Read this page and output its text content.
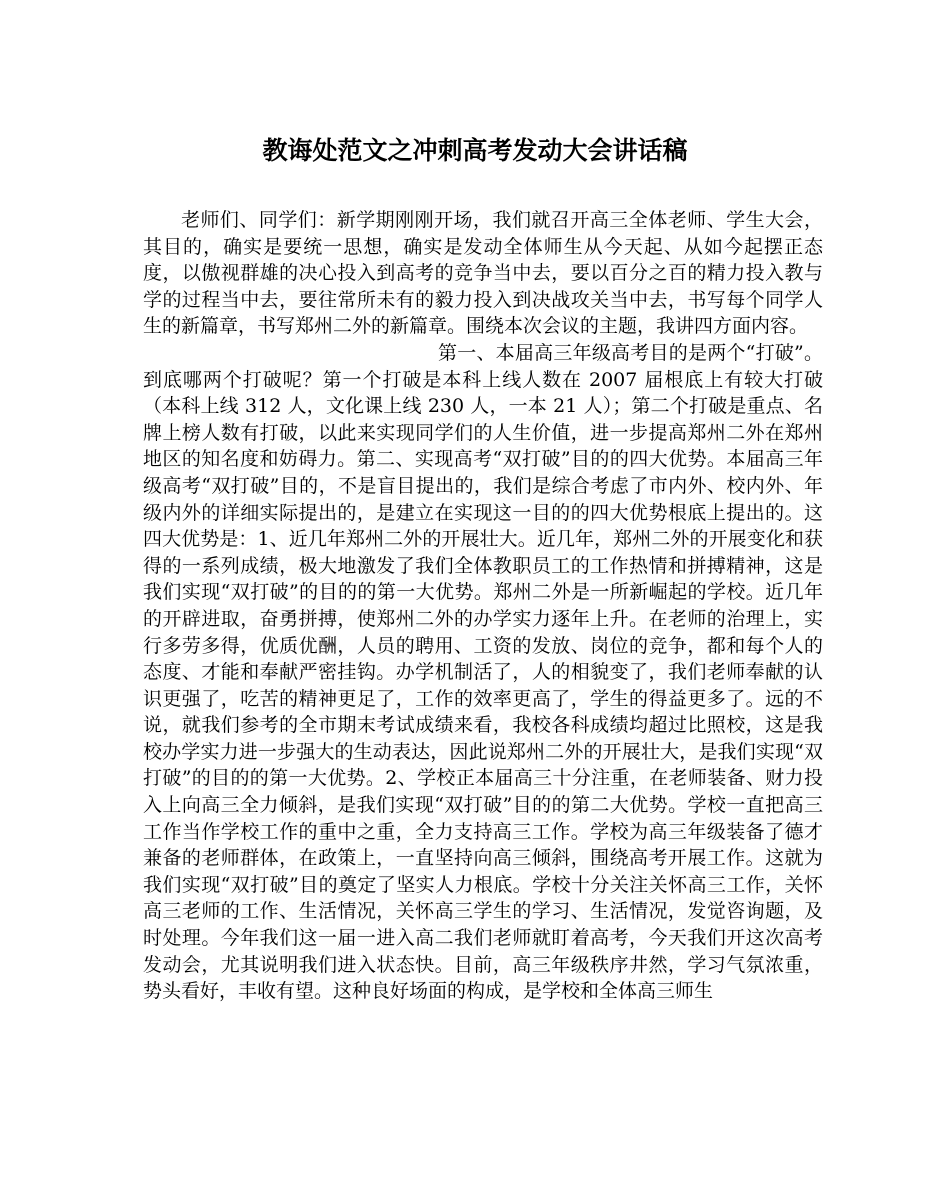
教诲处范文之冲刺高考发动大会讲话稿

老师们、同学们：新学期刚刚开场，我们就召开高三全体老师、学生大会，其目的，确实是要统一思想，确实是发动全体师生从今天起、从如今起摆正态度，以傲视群雄的决心投入到高考的竞争当中去，要以百分之百的精力投入教与学的过程当中去，要往常所未有的毅力投入到决战攻关当中去，书写每个同学人生的新篇章，书写郑州二外的新篇章。围绕本次会议的主题，我讲四方面内容。

第一、本届高三年级高考目的是两个“打破”。到底哪两个打破呢？第一个打破是本科上线人数在 2007 届根底上有较大打破（本科上线 312 人，文化课上线 230 人，一本 21 人）；第二个打破是重点、名牌上榜人数有打破，以此来实现同学们的人生价值，进一步提高郑州二外在郑州地区的知名度和妨碍力。第二、实现高考“双打破”目的的四大优势。本届高三年级高考“双打破”目的，不是盲目提出的，我们是综合考虑了市内外、校内外、年级内外的详细实际提出的，是建立在实现这一目的的四大优势根底上提出的。这四大优势是：1、近几年郑州二外的开展壮大。近几年，郑州二外的开展变化和获得的一系列成绩，极大地激发了我们全体教职员工的工作热情和拼搏精神，这是我们实现“双打破”的目的的第一大优势。郑州二外是一所新崛起的学校。近几年的开辟进取，奋勇拼搏，使郑州二外的办学实力逐年上升。在老师的治理上，实行多劳多得，优质优酬，人员的聘用、工资的发放、岗位的竞争，都和每个人的态度、才能和奉献严密挂钩。办学机制活了，人的相貌变了，我们老师奉献的认识更强了，吃苦的精神更足了，工作的效率更高了，学生的得益更多了。远的不说，就我们参考的全市期末考试成绩来看，我校各科成绩均超过比照校，这是我校办学实力进一步强大的生动表达，因此说郑州二外的开展壮大，是我们实现“双打破”的目的的第一大优势。2、学校正本届高三十分注重，在老师装备、财力投入上向高三全力倾斜，是我们实现“双打破”目的的第二大优势。学校一直把高三工作当作学校工作的重中之重，全力支持高三工作。学校为高三年级装备了德才兼备的老师群体，在政策上，一直坚持向高三倾斜，围绕高考开展工作。这就为我们实现“双打破”目的奠定了坚实人力根底。学校十分关注关怀高三工作，关怀高三老师的工作、生活情况，关怀高三学生的学习、生活情况，发觉咨询题，及时处理。今年我们这一届一进入高二我们老师就盯着高考，今天我们开这次高考发动会，尤其说明我们进入状态快。目前，高三年级秩序井然，学习气氛浓重，势头看好，丰收有望。这种良好场面的构成，是学校和全体高三师生
